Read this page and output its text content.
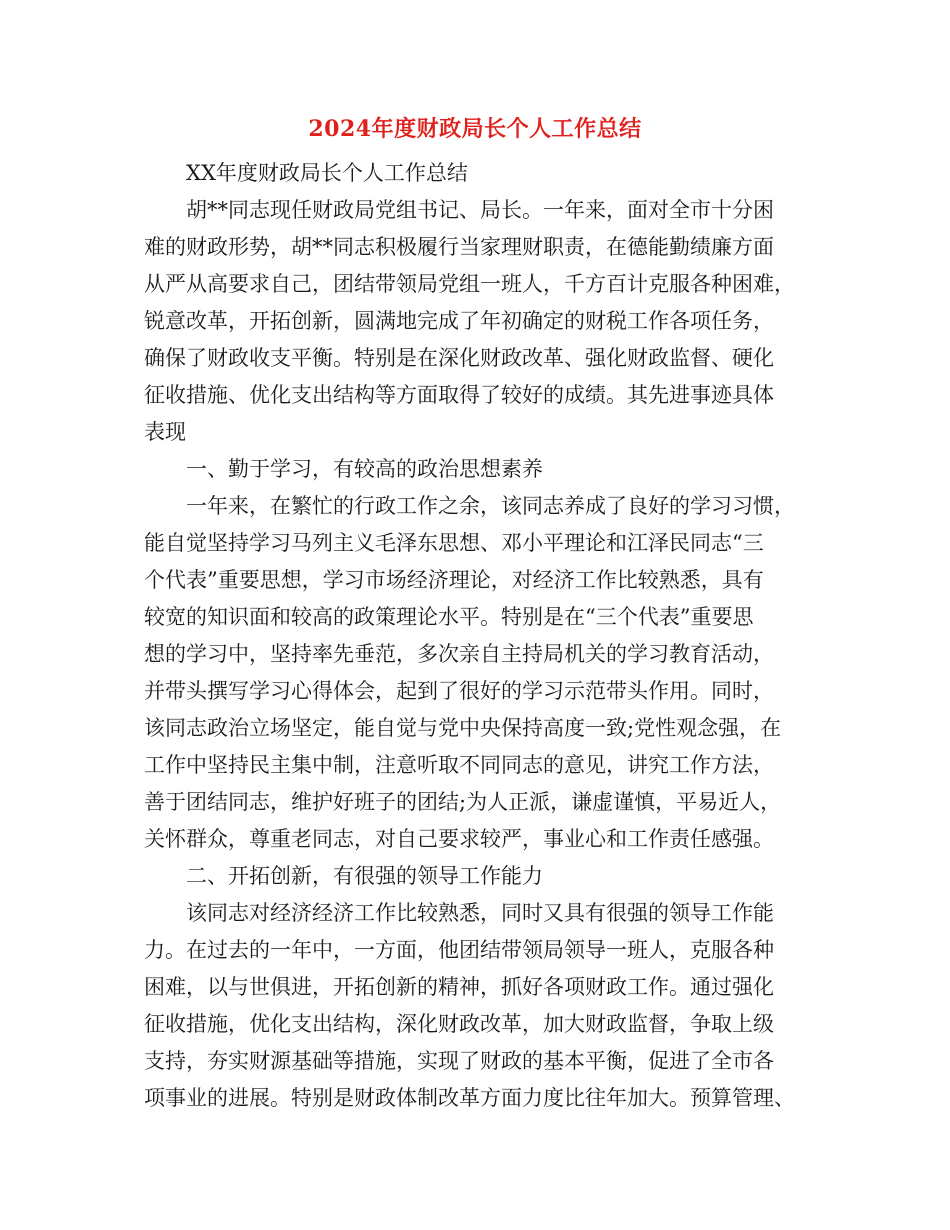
2024年度财政局长个人工作总结
XX年度财政局长个人工作总结
胡**同志现任财政局党组书记、局长。一年来，面对全市十分困
难的财政形势，胡**同志积极履行当家理财职责，在德能勤绩廉方面
从严从高要求自己，团结带领局党组一班人，千方百计克服各种困难，
锐意改革，开拓创新，圆满地完成了年初确定的财税工作各项任务，
确保了财政收支平衡。特别是在深化财政改革、强化财政监督、硬化
征收措施、优化支出结构等方面取得了较好的成绩。其先进事迹具体
表现
一、勤于学习，有较高的政治思想素养
一年来，在繁忙的行政工作之余，该同志养成了良好的学习习惯，
能自觉坚持学习马列主义毛泽东思想、邓小平理论和江泽民同志“三
个代表”重要思想，学习市场经济理论，对经济工作比较熟悉，具有
较宽的知识面和较高的政策理论水平。特别是在“三个代表”重要思
想的学习中，坚持率先垂范，多次亲自主持局机关的学习教育活动，
并带头撰写学习心得体会，起到了很好的学习示范带头作用。同时，
该同志政治立场坚定，能自觉与党中央保持高度一致;党性观念强，在
工作中坚持民主集中制，注意听取不同同志的意见，讲究工作方法，
善于团结同志，维护好班子的团结;为人正派，谦虚谨慎，平易近人，
关怀群众，尊重老同志，对自己要求较严，事业心和工作责任感强。
二、开拓创新，有很强的领导工作能力
该同志对经济经济工作比较熟悉，同时又具有很强的领导工作能
力。在过去的一年中，一方面，他团结带领局领导一班人，克服各种
困难，以与世俱进，开拓创新的精神，抓好各项财政工作。通过强化
征收措施，优化支出结构，深化财政改革，加大财政监督，争取上级
支持，夯实财源基础等措施，实现了财政的基本平衡，促进了全市各
项事业的进展。特别是财政体制改革方面力度比往年加大。预算管理、
